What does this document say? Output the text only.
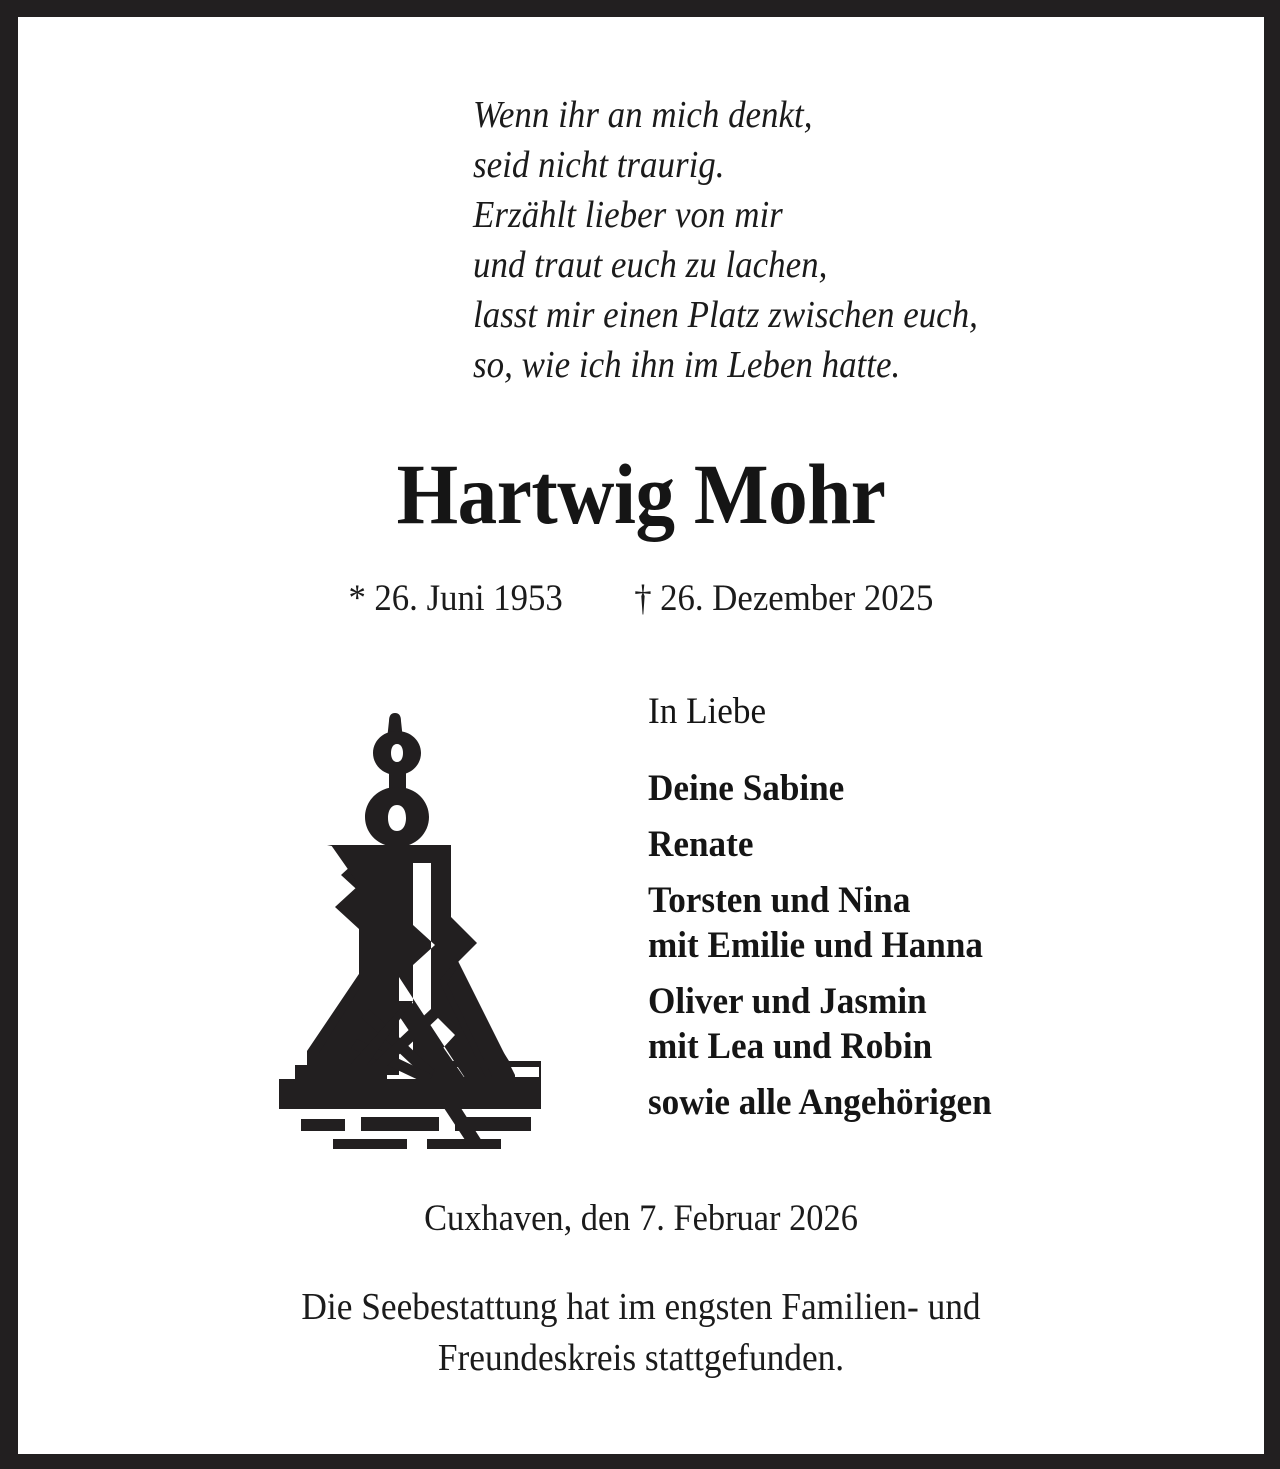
Wenn ihr an mich denkt,
seid nicht traurig.
Erzählt lieber von mir
und traut euch zu lachen,
lasst mir einen Platz zwischen euch,
so, wie ich ihn im Leben hatte.
Hartwig Mohr
* 26. Juni 1953 † 26. Dezember 2025
In Liebe
Deine Sabine
Renate
Torsten und Nina
mit Emilie und Hanna
Oliver und Jasmin
mit Lea und Robin
sowie alle Angehörigen
Cuxhaven, den 7. Februar 2026
Die Seebestattung hat im engsten Familien- und
Freundeskreis stattgefunden.
